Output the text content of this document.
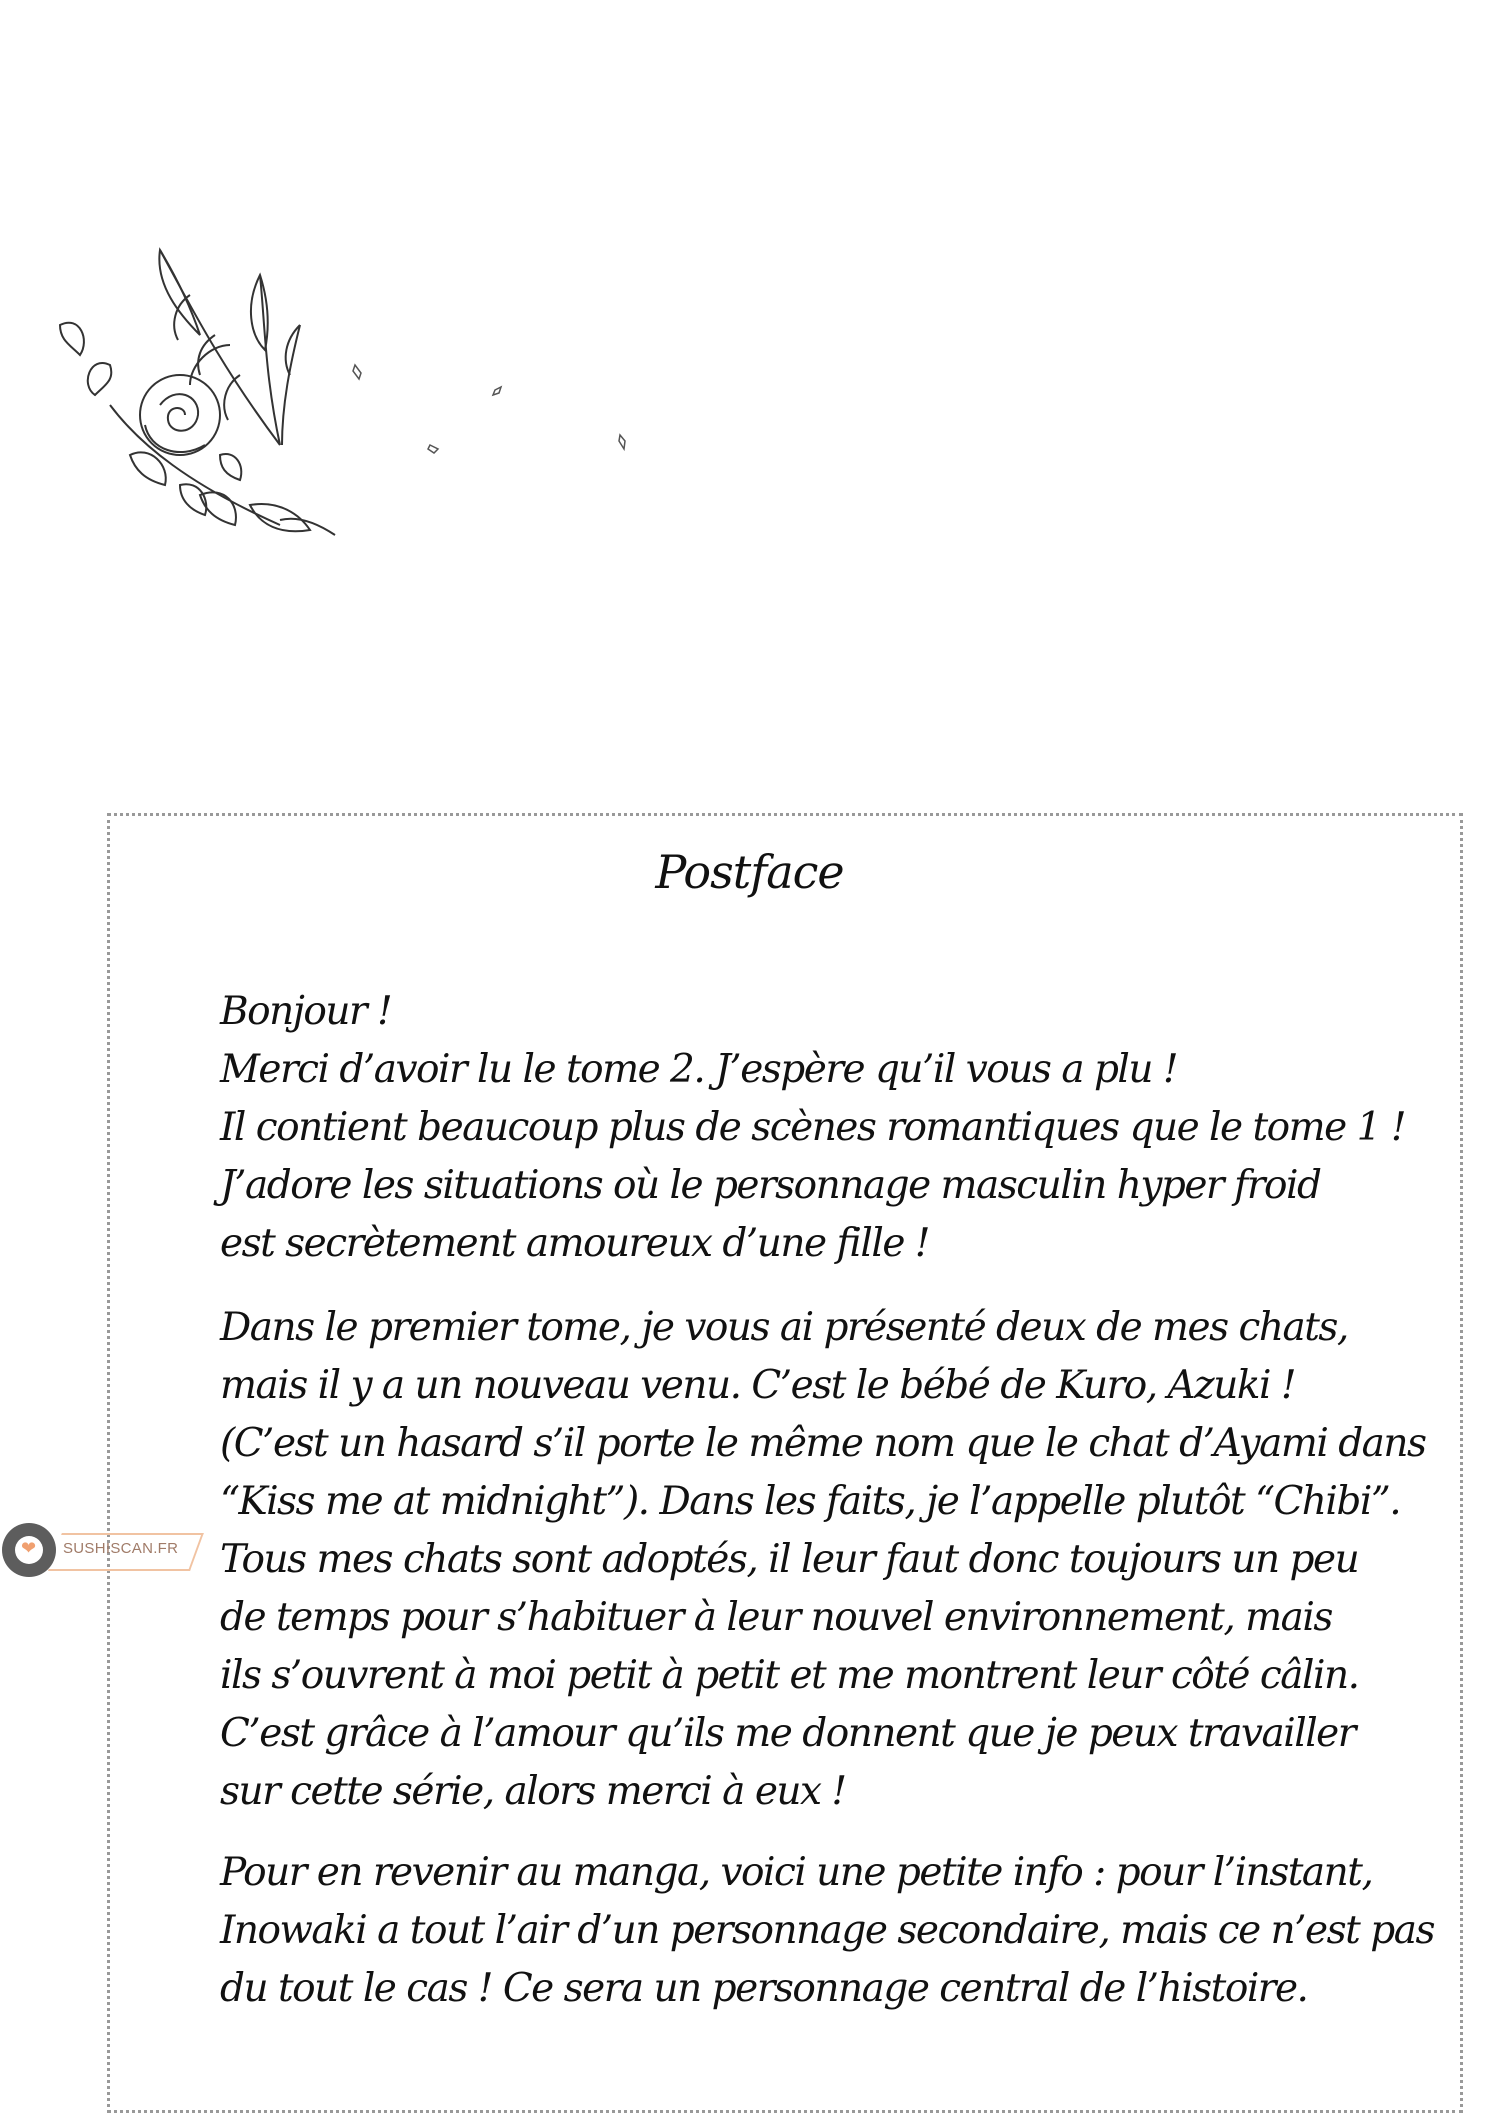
Postface
Bonjour !
Merci d’avoir lu le tome 2. J’espère qu’il vous a plu !
Il contient beaucoup plus de scènes romantiques que le tome 1 !
J’adore les situations où le personnage masculin hyper froid
est secrètement amoureux d’une fille !
Dans le premier tome, je vous ai présenté deux de mes chats,
mais il y a un nouveau venu. C’est le bébé de Kuro, Azuki !
(C’est un hasard s’il porte le même nom que le chat d’Ayami dans
“Kiss me at midnight”). Dans les faits, je l’appelle plutôt “Chibi”.
Tous mes chats sont adoptés, il leur faut donc toujours un peu
de temps pour s’habituer à leur nouvel environnement, mais
ils s’ouvrent à moi petit à petit et me montrent leur côté câlin.
C’est grâce à l’amour qu’ils me donnent que je peux travailler
sur cette série, alors merci à eux !
Pour en revenir au manga, voici une petite info : pour l’instant,
Inowaki a tout l’air d’un personnage secondaire, mais ce n’est pas
du tout le cas ! Ce sera un personnage central de l’histoire.
❤ SUSHISCAN.FR
